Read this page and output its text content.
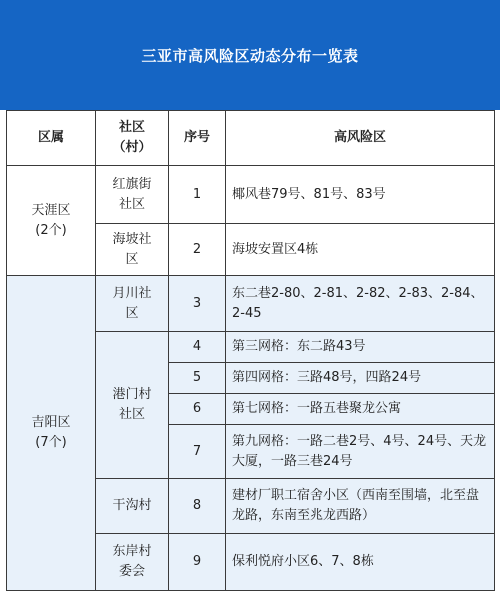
三亚市高风险区动态分布一览表
区属	社区（村）	序号	高风险区

天涯区(2个)	红旗街社区	1	椰风巷79号、81号、83号

	海坡社区	2	海坡安置区4栋

吉阳区(7个)	月川社区	3	东二巷2-80、2-81、2-82、2-83、2-84、2-45

	港门村社区	4	第三网格：东二路43号
		5	第四网格：三路48号，四路24号
		6	第七网格：一路五巷聚龙公寓
		7	第九网格：一路二巷2号、4号、24号、天龙大厦，一路三巷24号
	干沟村	8	建材厂职工宿舍小区（西南至围墙，北至盘龙路，东南至兆龙西路）

	东岸村委会	9	保利悦府小区6、7、8栋
